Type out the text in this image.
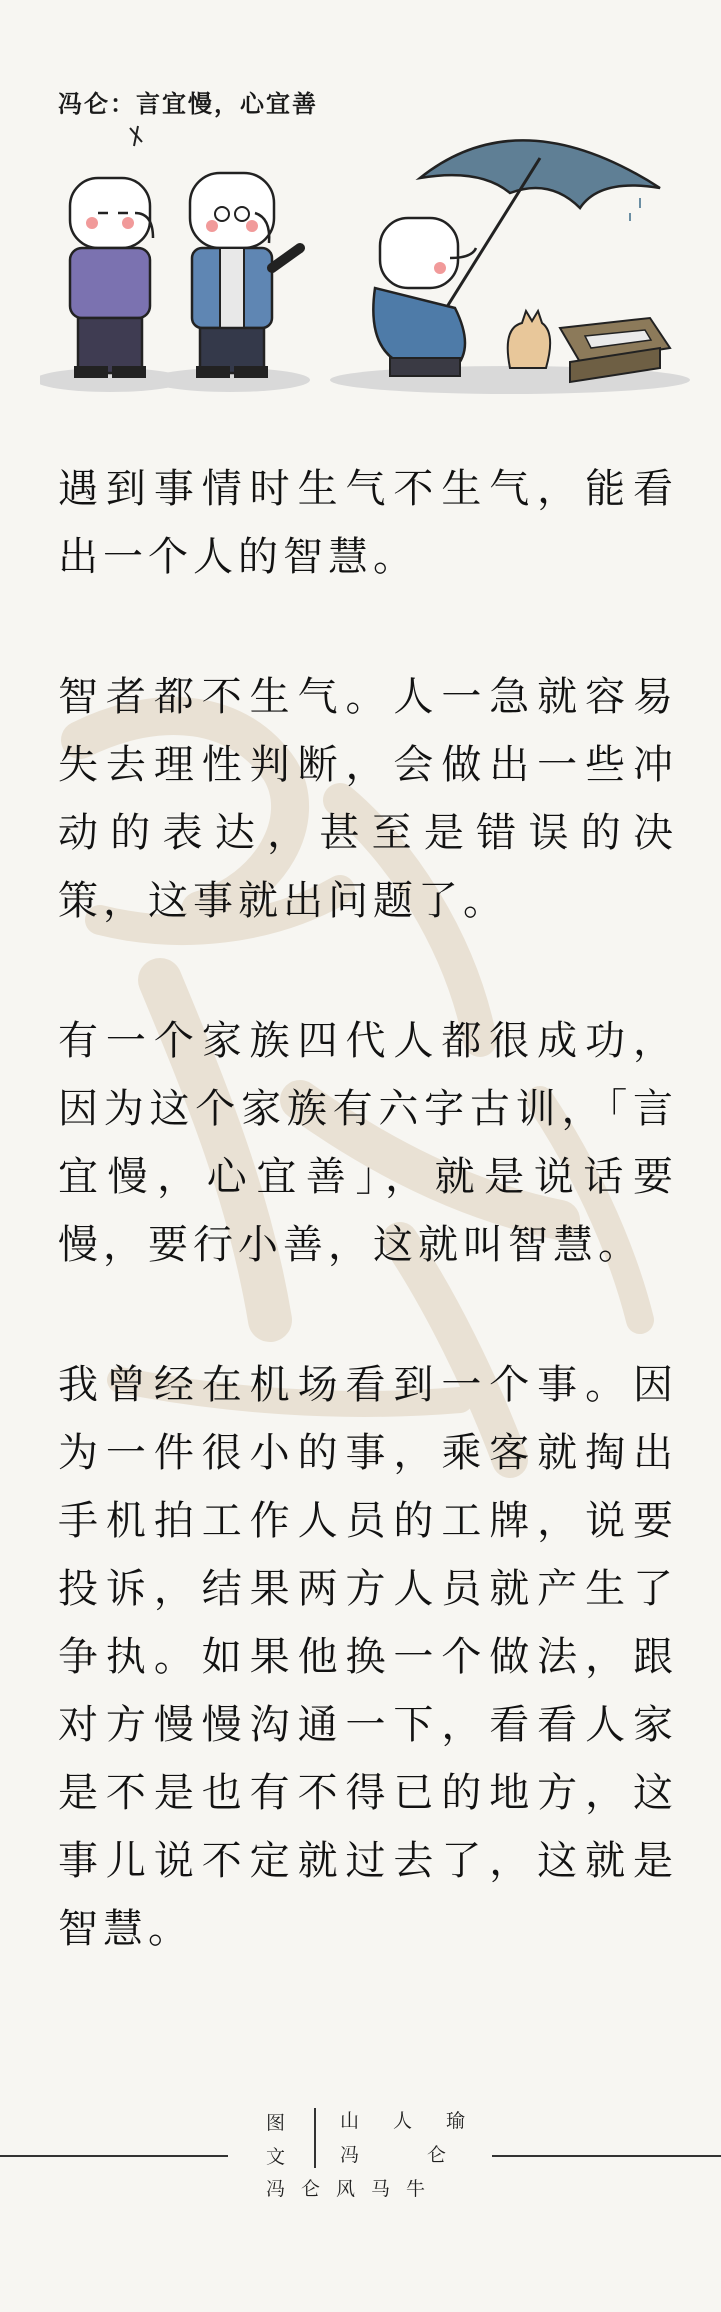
冯仑：言宜慢，心宜善

遇到事情时生气不生气，能看出一个人的智慧。

智者都不生气。人一急就容易失去理性判断，会做出一些冲动的表达，甚至是错误的决策，这事就出问题了。

有一个家族四代人都很成功，因为这个家族有六字古训，「言宜慢，心宜善」，就是说话要慢，要行小善，这就叫智慧。

我曾经在机场看到一个事。因为一件很小的事，乘客就掏出手机拍工作人员的工牌，说要投诉，结果两方人员就产生了争执。如果他换一个做法，跟对方慢慢沟通一下，看看人家是不是也有不得已的地方，这事儿说不定就过去了，这就是智慧。

图
文
山人瑜
冯仑
冯仑风马牛
